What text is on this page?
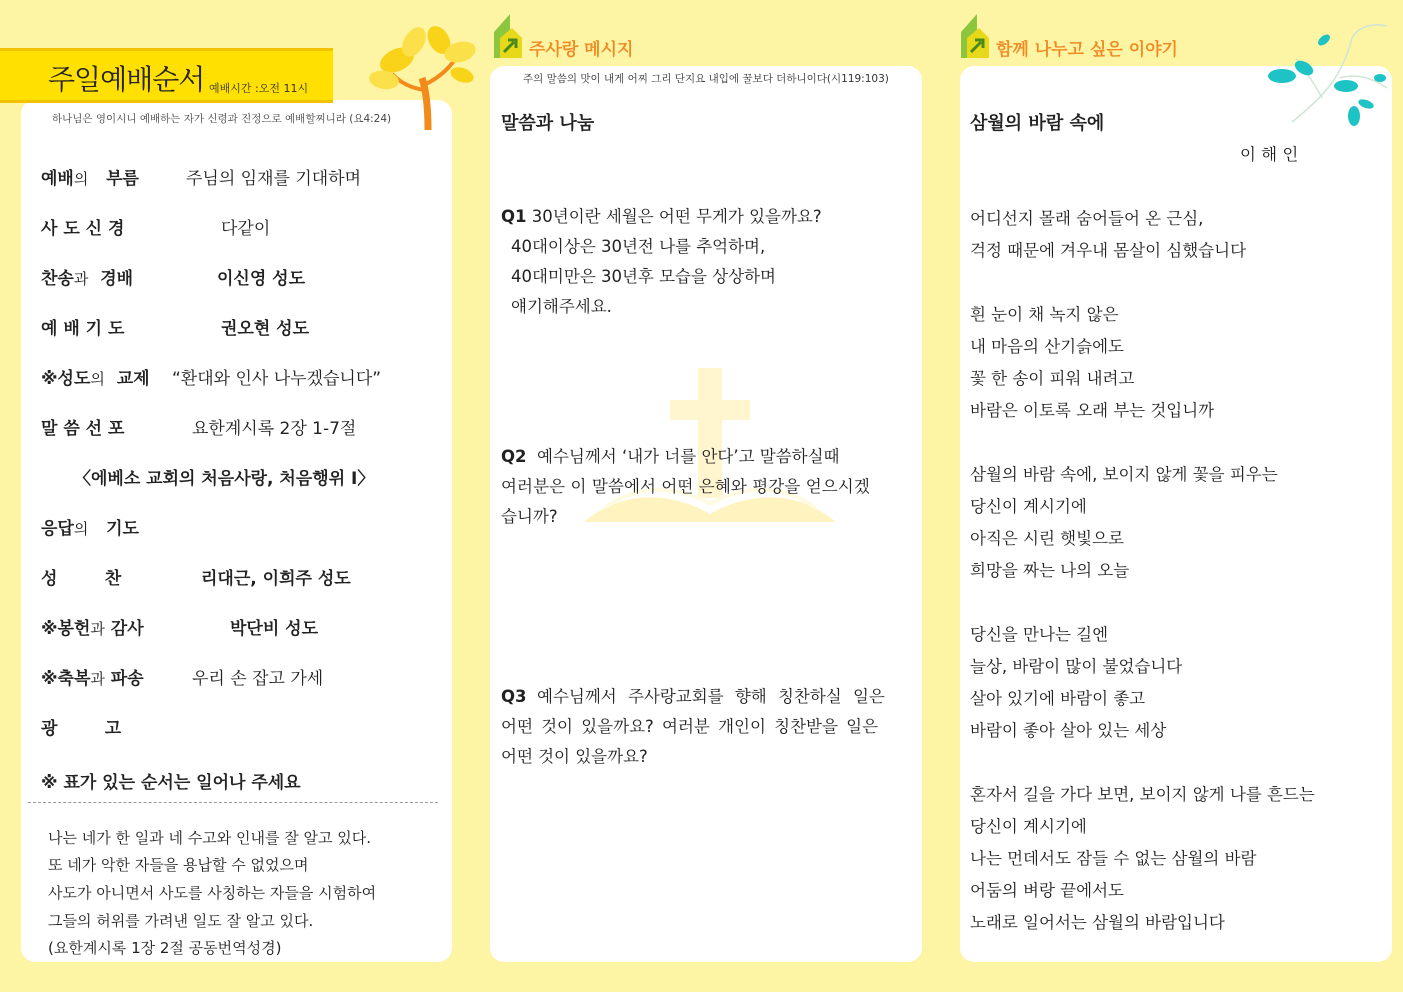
주일예배순서 예배시간 :오전 11시
하나님은 영이시니 예배하는 자가 신령과 진정으로 예배할찌니라 (요4:24)
예배의 부름	주님의 임재를 기대하며
사 도 신 경	다같이
찬송과 경배	이신영 성도
예 배 기 도	권오현 성도
※성도의 교제 “환대와 인사 나누겠습니다”
말 씀 선 포	요한계시록 2장 1-7절
〈에베소 교회의 처음사랑, 처음행위 Ⅰ〉
응답의 기도
성        찬	리대근, 이희주 성도
※봉헌과 감사	박단비 성도
※축복과 파송	우리 손 잡고 가세
광        고
※ 표가 있는 순서는 일어나 주세요
나는 네가 한 일과 네 수고와 인내를 잘 알고 있다.
또 네가 악한 자들을 용납할 수 없었으며
사도가 아니면서 사도를 사칭하는 자들을 시험하여
그들의 허위를 가려낸 일도 잘 알고 있다.
(요한계시록 1장 2절 공동번역성경)
주사랑 메시지
주의 말씀의 맛이 내게 어찌 그리 단지요 내입에 꿀보다 더하니이다(시119:103)
말씀과 나눔
Q1 30년이란 세월은 어떤 무게가 있을까요?
40대이상은 30년전 나를 추억하며,
40대미만은 30년후 모습을 상상하며
얘기해주세요.
Q2 예수님께서 ‘내가 너를 안다’고 말씀하실때
여러분은 이 말씀에서 어떤 은혜와 평강을 얻으시겠
습니까?
Q3 예수님께서 주사랑교회를 향해 칭찬하실 일은
어떤 것이 있을까요? 여러분 개인이 칭찬받을 일은
어떤 것이 있을까요?
함께 나누고 싶은 이야기
삼월의 바람 속에
이 해 인
어디선지 몰래 숨어들어 온 근심,
걱정 때문에 겨우내 몸살이 심했습니다
흰 눈이 채 녹지 않은
내 마음의 산기슭에도
꽃 한 송이 피워 내려고
바람은 이토록 오래 부는 것입니까
삼월의 바람 속에, 보이지 않게 꽃을 피우는
당신이 계시기에
아직은 시린 햇빛으로
희망을 짜는 나의 오늘
당신을 만나는 길엔
늘상, 바람이 많이 불었습니다
살아 있기에 바람이 좋고
바람이 좋아 살아 있는 세상
혼자서 길을 가다 보면, 보이지 않게 나를 흔드는
당신이 계시기에
나는 먼데서도 잠들 수 없는 삼월의 바람
어둠의 벼랑 끝에서도
노래로 일어서는 삼월의 바람입니다
